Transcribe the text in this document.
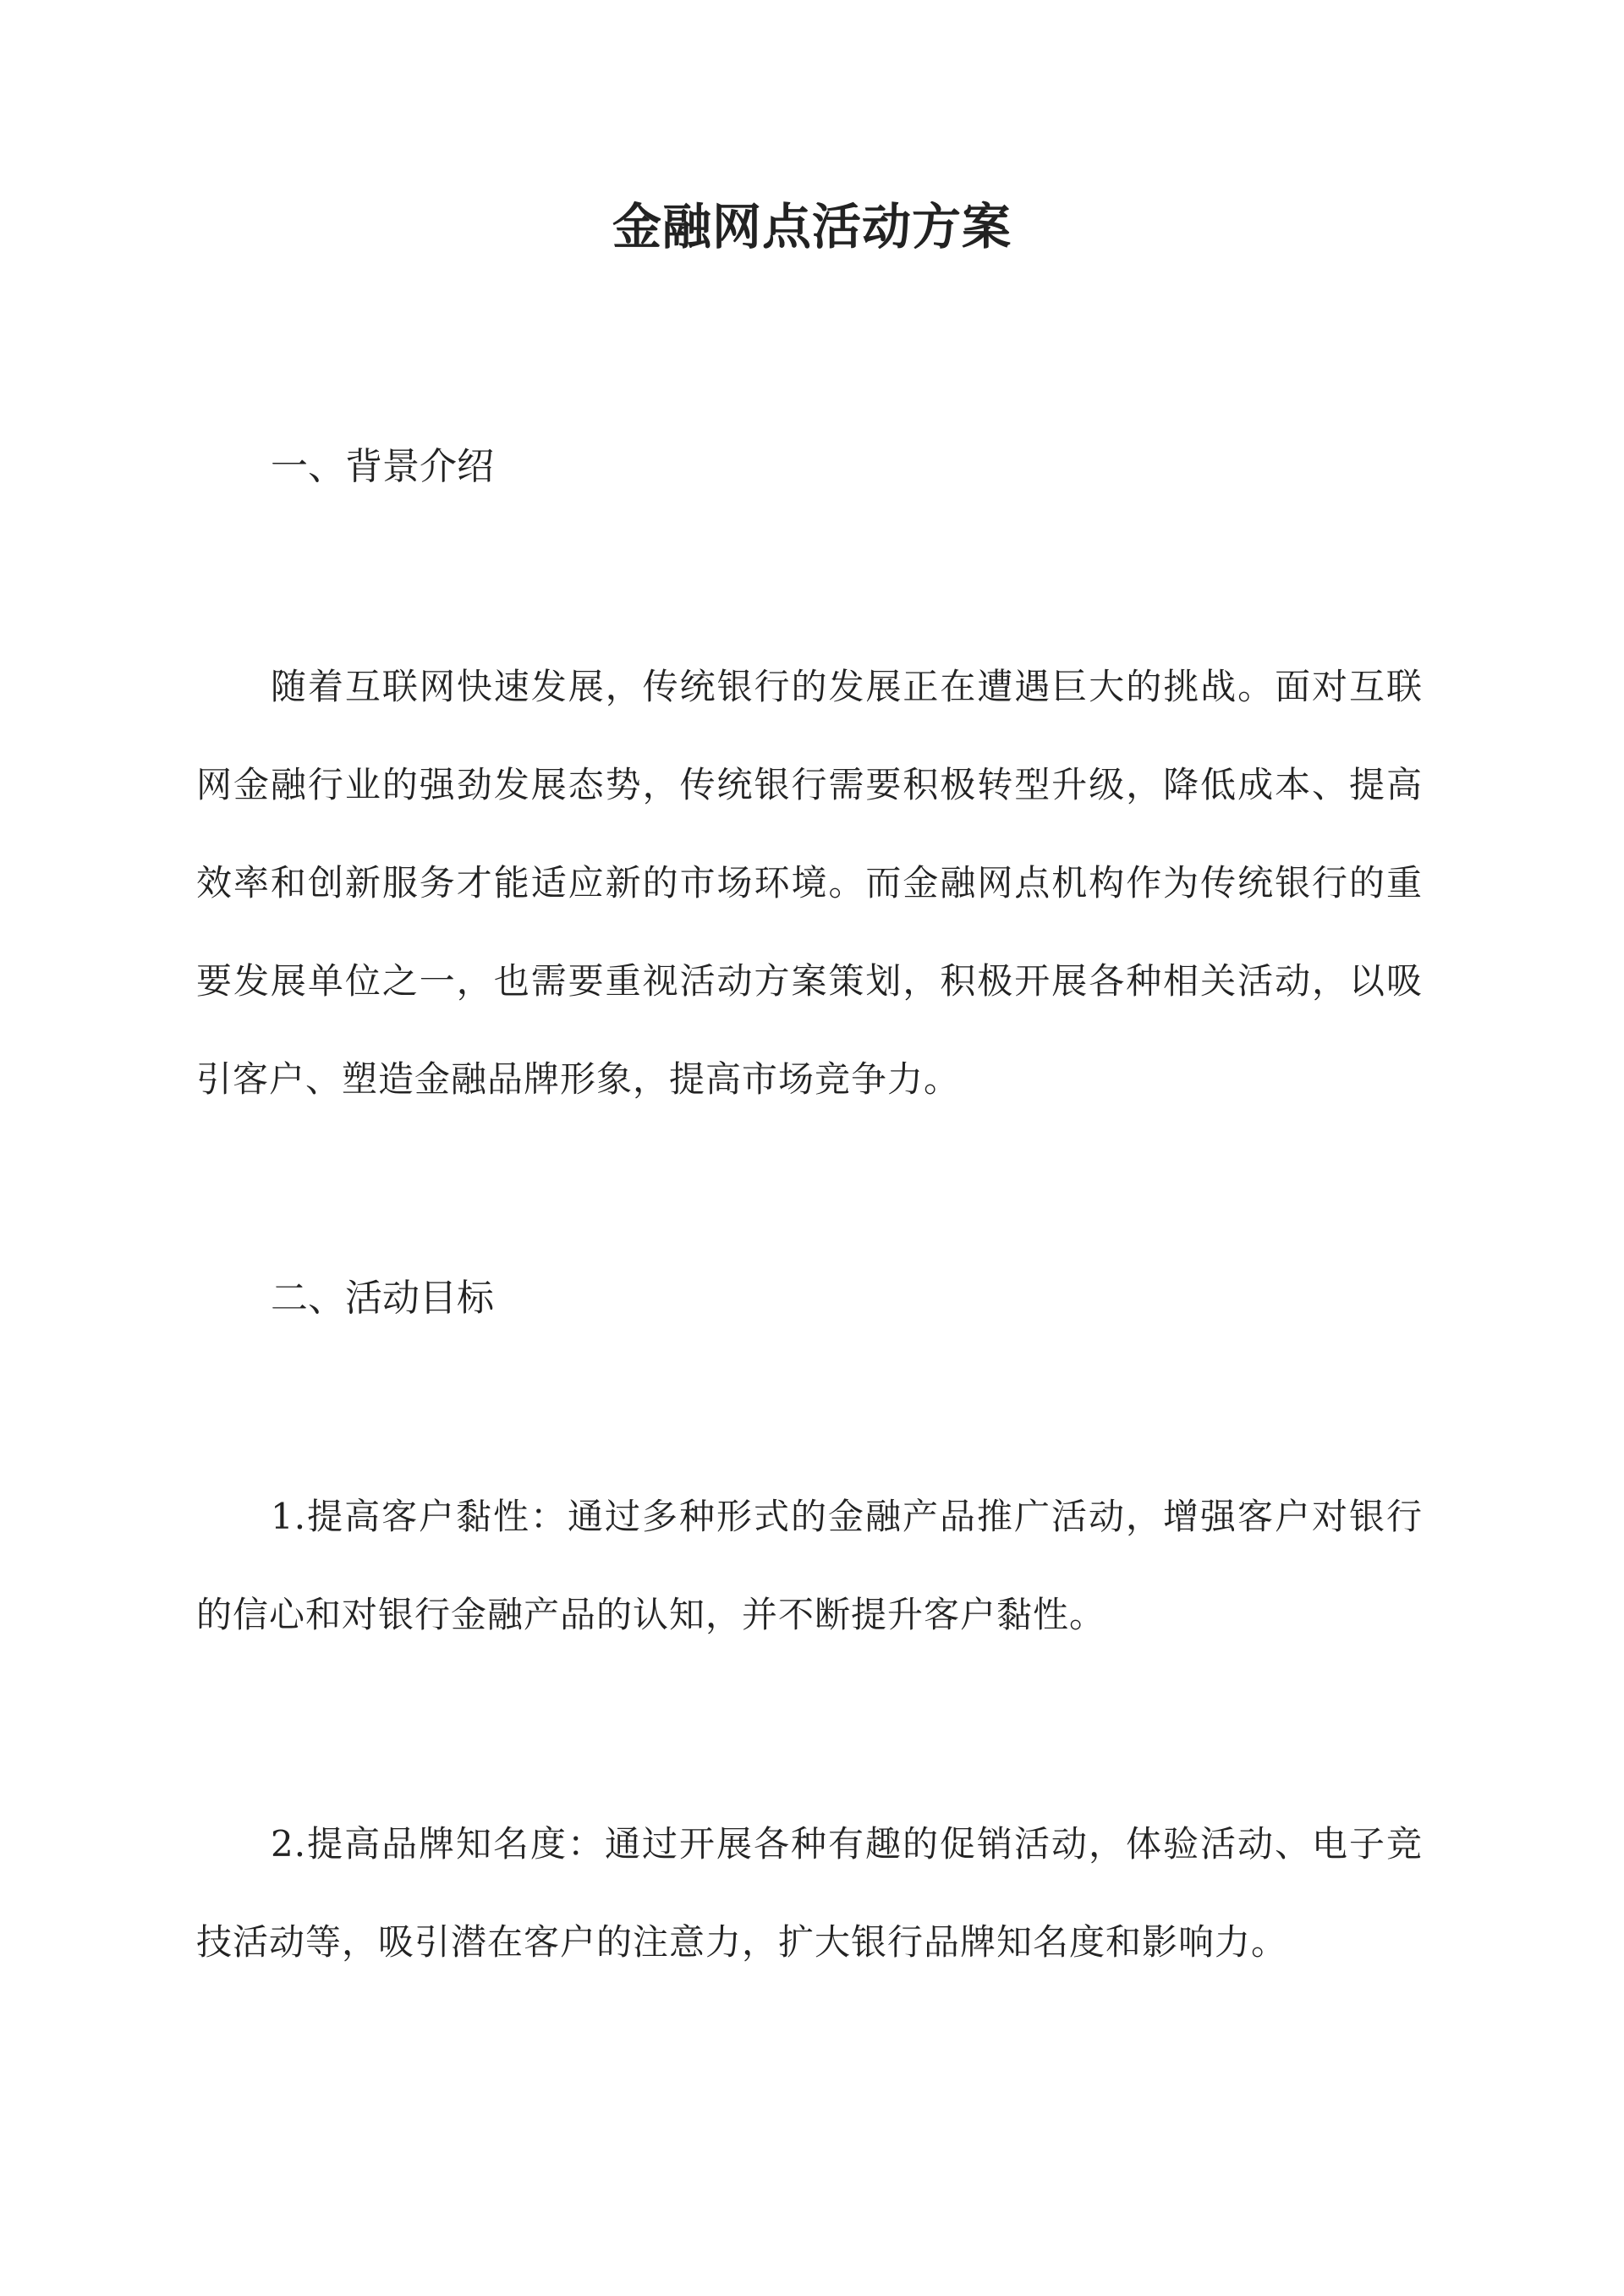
金融网点活动方案
一、背景介绍

随着互联网快速发展，传统银行的发展正在遭遇巨大的挑战。面对互联网金融行业的强劲发展态势，传统银行需要积极转型升级，降低成本、提高效率和创新服务才能适应新的市场环境。而金融网点机构作为传统银行的重要发展单位之一，也需要重视活动方案策划，积极开展各种相关活动，以吸引客户、塑造金融品牌形象，提高市场竞争力。

二、活动目标

1.提高客户黏性：通过多种形式的金融产品推广活动，增强客户对银行的信心和对银行金融产品的认知，并不断提升客户黏性。

2.提高品牌知名度：通过开展各种有趣的促销活动，体验活动、电子竞技活动等，吸引潜在客户的注意力，扩大银行品牌知名度和影响力。
